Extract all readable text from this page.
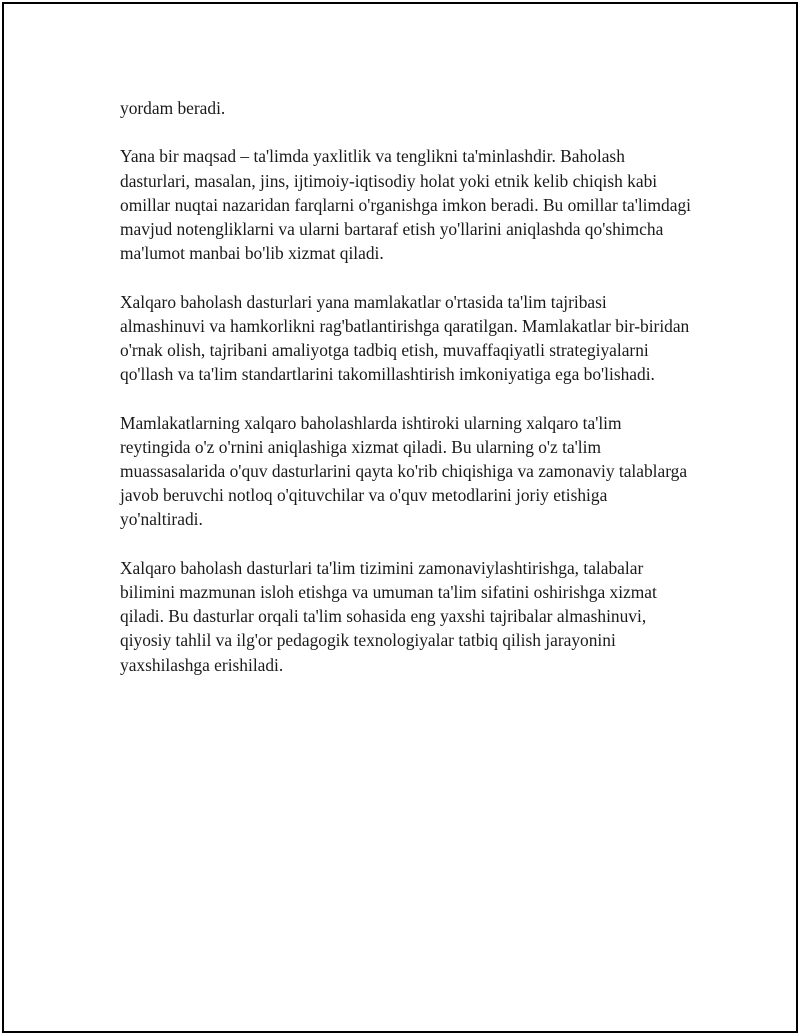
yordam beradi.

Yana bir maqsad – ta'limda yaxlitlik va tenglikni ta'minlashdir. Baholash dasturlari, masalan, jins, ijtimoiy-iqtisodiy holat yoki etnik kelib chiqish kabi omillar nuqtai nazaridan farqlarni o'rganishga imkon beradi. Bu omillar ta'limdagi mavjud notengliklarni va ularni bartaraf etish yo'llarini aniqlashda qo'shimcha ma'lumot manbai bo'lib xizmat qiladi.

Xalqaro baholash dasturlari yana mamlakatlar o'rtasida ta'lim tajribasi almashinuvi va hamkorlikni rag'batlantirishga qaratilgan. Mamlakatlar bir-biridan o'rnak olish, tajribani amaliyotga tadbiq etish, muvaffaqiyatli strategiyalarni qo'llash va ta'lim standartlarini takomillashtirish imkoniyatiga ega bo'lishadi.

Mamlakatlarning xalqaro baholashlarda ishtiroki ularning xalqaro ta'lim reytingida o'z o'rnini aniqlashiga xizmat qiladi. Bu ularning o'z ta'lim muassasalarida o'quv dasturlarini qayta ko'rib chiqishiga va zamonaviy talablarga javob beruvchi notloq o'qituvchilar va o'quv metodlarini joriy etishiga yo'naltiradi.

Xalqaro baholash dasturlari ta'lim tizimini zamonaviylashtirishga, talabalar bilimini mazmunan isloh etishga va umuman ta'lim sifatini oshirishga xizmat qiladi. Bu dasturlar orqali ta'lim sohasida eng yaxshi tajribalar almashinuvi, qiyosiy tahlil va ilg'or pedagogik texnologiyalar tatbiq qilish jarayonini yaxshilashga erishiladi.
